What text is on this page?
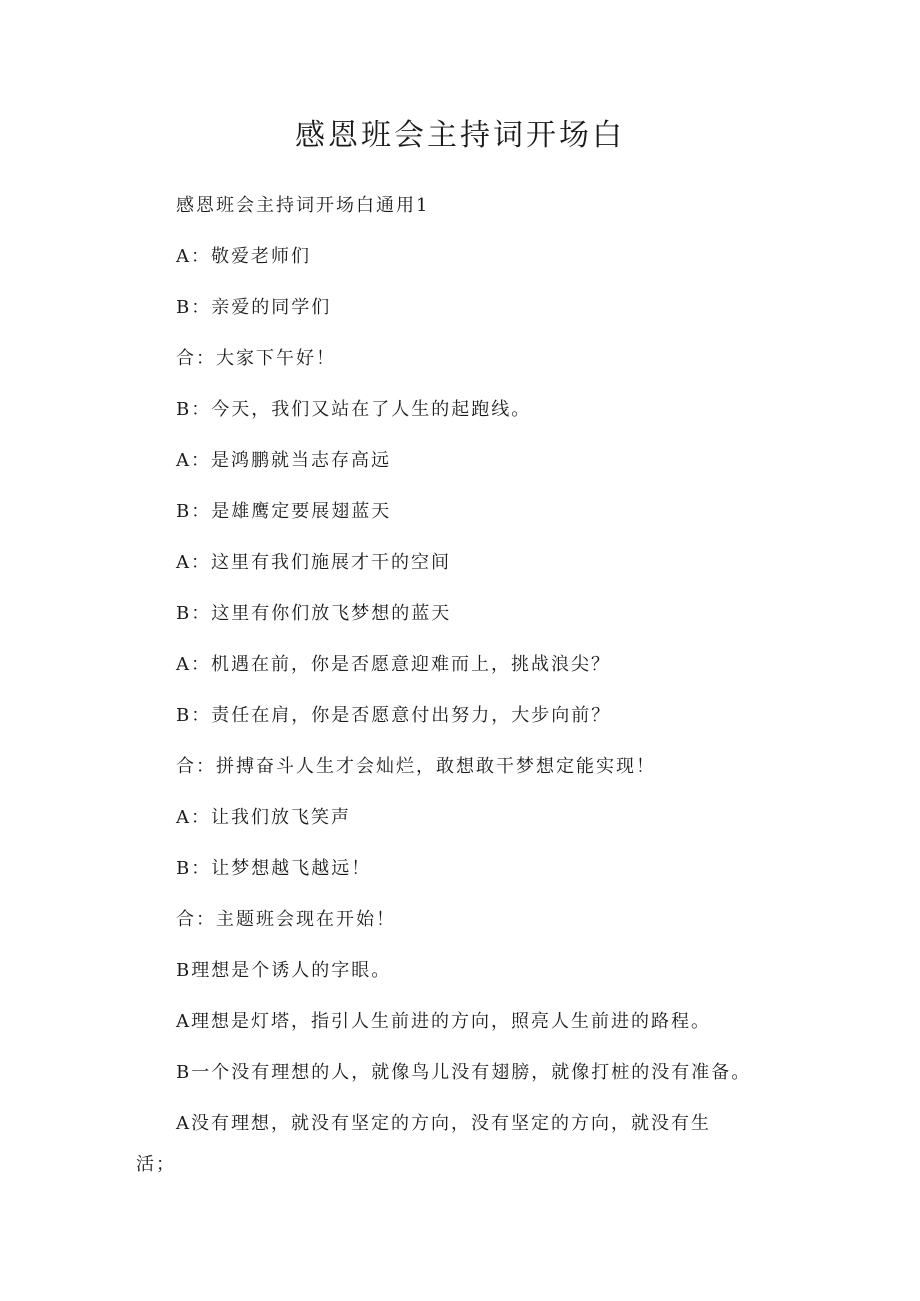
感恩班会主持词开场白

感恩班会主持词开场白通用1

A：敬爱老师们

B：亲爱的同学们

合：大家下午好！

B：今天，我们又站在了人生的起跑线。

A：是鸿鹏就当志存高远

B：是雄鹰定要展翅蓝天

A：这里有我们施展才干的空间

B：这里有你们放飞梦想的蓝天

A：机遇在前，你是否愿意迎难而上，挑战浪尖？

B：责任在肩，你是否愿意付出努力，大步向前？

合：拼搏奋斗人生才会灿烂，敢想敢干梦想定能实现！

A：让我们放飞笑声

B：让梦想越飞越远！

合：主题班会现在开始！

B理想是个诱人的字眼。

A理想是灯塔，指引人生前进的方向，照亮人生前进的路程。

B一个没有理想的人，就像鸟儿没有翅膀，就像打桩的没有准备。

A没有理想，就没有坚定的方向，没有坚定的方向，就没有生

活；
